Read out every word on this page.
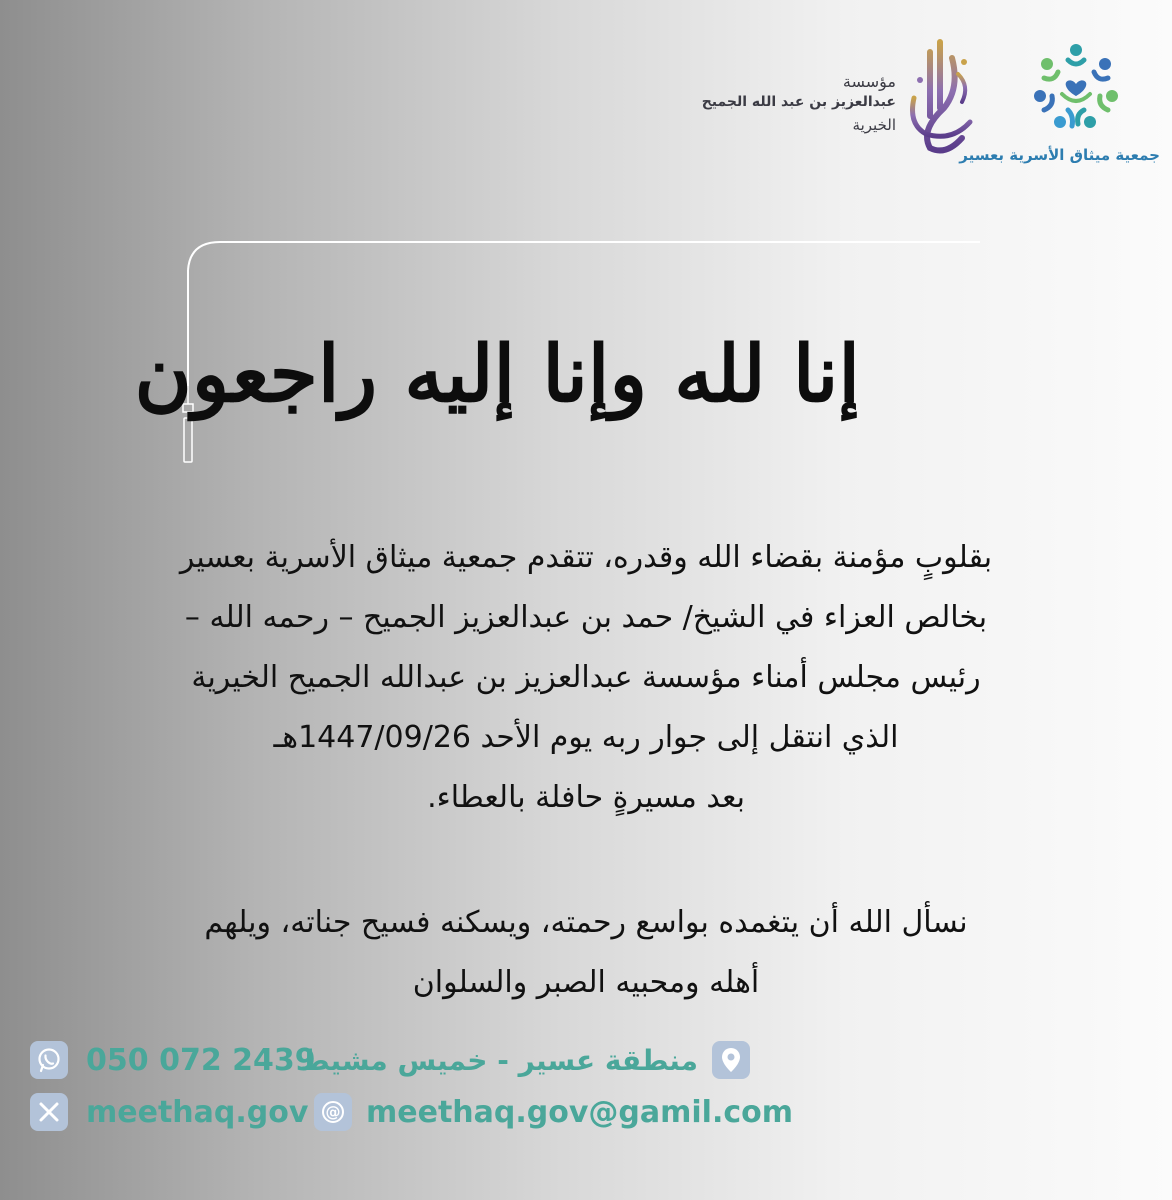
جمعية ميثاق الأسرية بعسير
مؤسسة
عبدالعزيز بن عبد الله الجميح
الخيرية
إنا لله وإنا إليه راجعون

بقلوبٍ مؤمنة بقضاء الله وقدره، تتقدم جمعية ميثاق الأسرية بعسير

بخالص العزاء في الشيخ/ حمد بن عبدالعزيز الجميح – رحمه الله –

رئيس مجلس أمناء مؤسسة عبدالعزيز بن عبدالله الجميح الخيرية

الذي انتقل إلى جوار ربه يوم الأحد 1447/09/26هـ

بعد مسيرةٍ حافلة بالعطاء.

نسأل الله أن يتغمده بواسع رحمته، ويسكنه فسيح جناته، ويلهم

أهله ومحبيه الصبر والسلوان

منطقة عسير - خميس مشيط
050 072 2439
@ meethaq.gov@gamil.com
meethaq.gov
